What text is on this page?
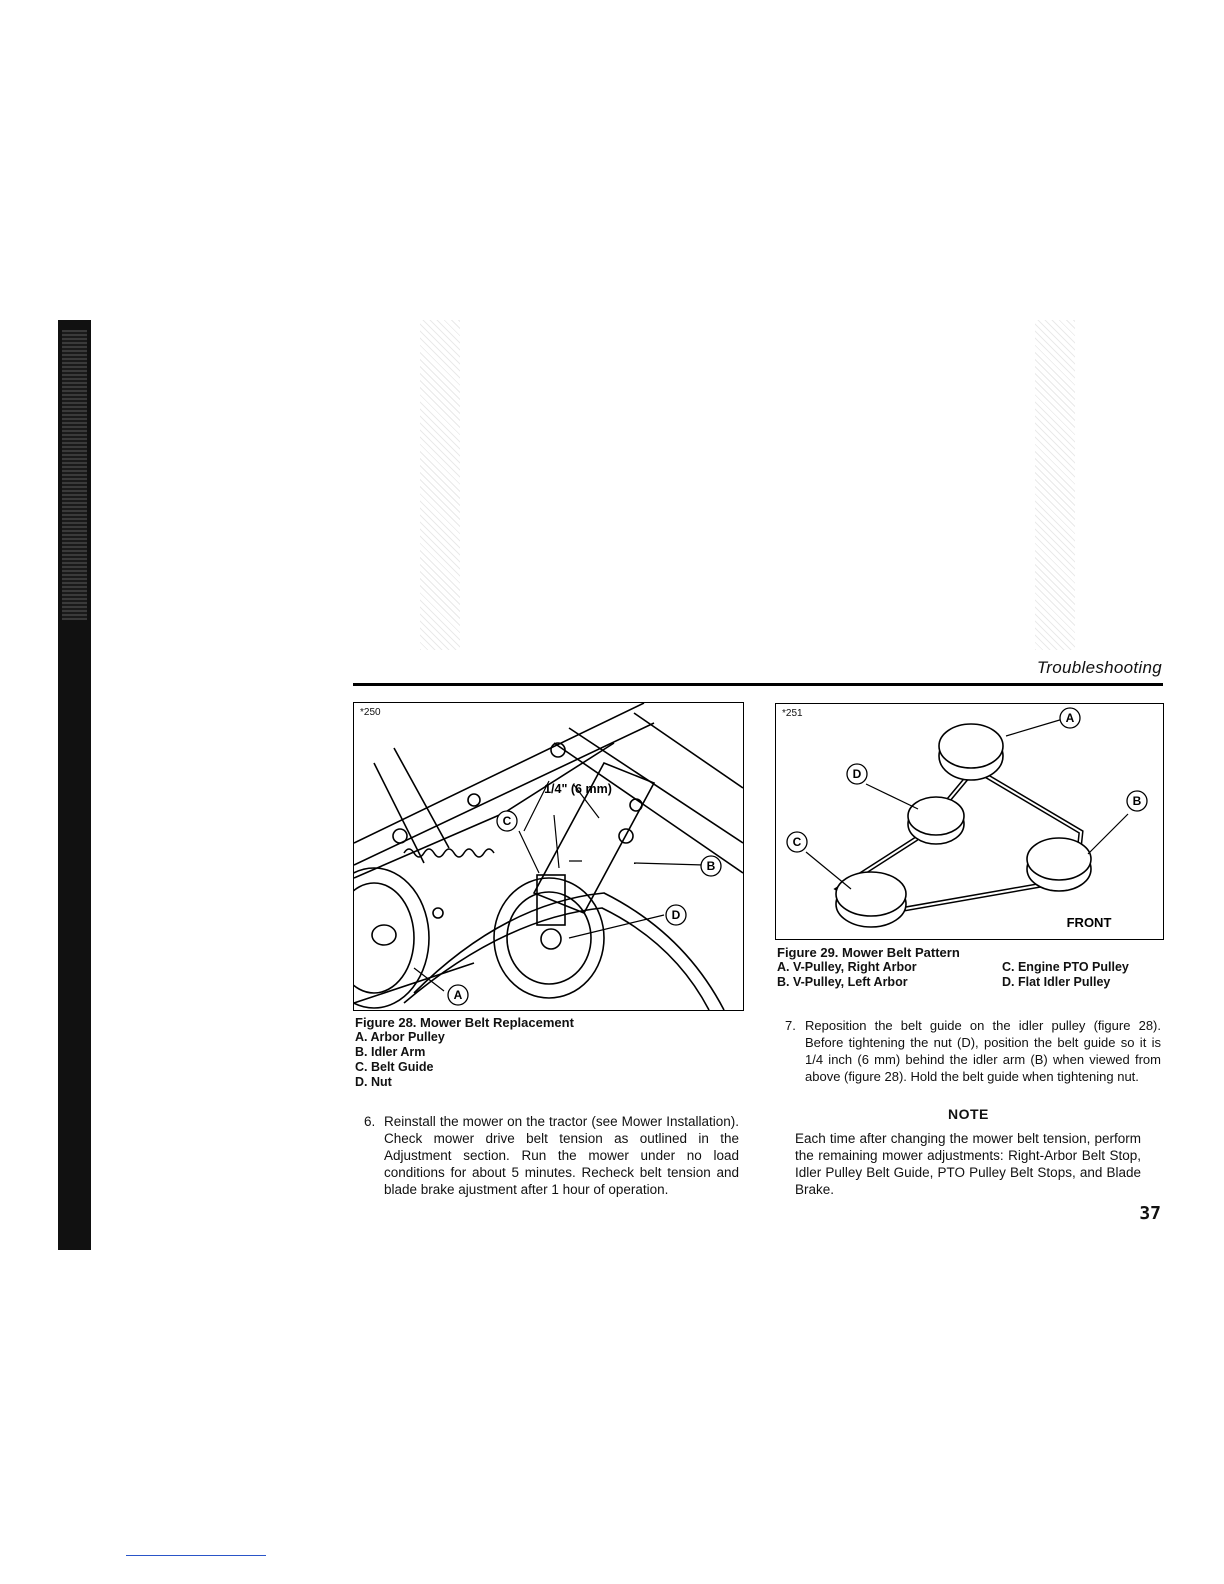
Troubleshooting
*250
C
B
D
A
1/4" (6 mm)
Figure 28. Mower Belt Replacement
A. Arbor Pulley
B. Idler Arm
C. Belt Guide
D. Nut
*251	A
D
B
C
FRONT
Figure 29. Mower Belt Pattern
A. V-Pulley, Right Arbor
B. V-Pulley, Left Arbor
C. Engine PTO Pulley
D. Flat Idler Pulley
6. Reinstall the mower on the tractor (see Mower Installation). Check mower drive belt tension as outlined in the Adjustment section. Run the mower under no load conditions for about 5 minutes. Recheck belt tension and blade brake ajustment after 1 hour of operation.
7. Reposition the belt guide on the idler pulley (figure 28). Before tightening the nut (D), position the belt guide so it is 1/4 inch (6 mm) behind the idler arm (B) when viewed from above (figure 28). Hold the belt guide when tightening nut.
NOTE
Each time after changing the mower belt tension, perform the remaining mower adjustments: Right-Arbor Belt Stop, Idler Pulley Belt Guide, PTO Pulley Belt Stops, and Blade Brake.
37
